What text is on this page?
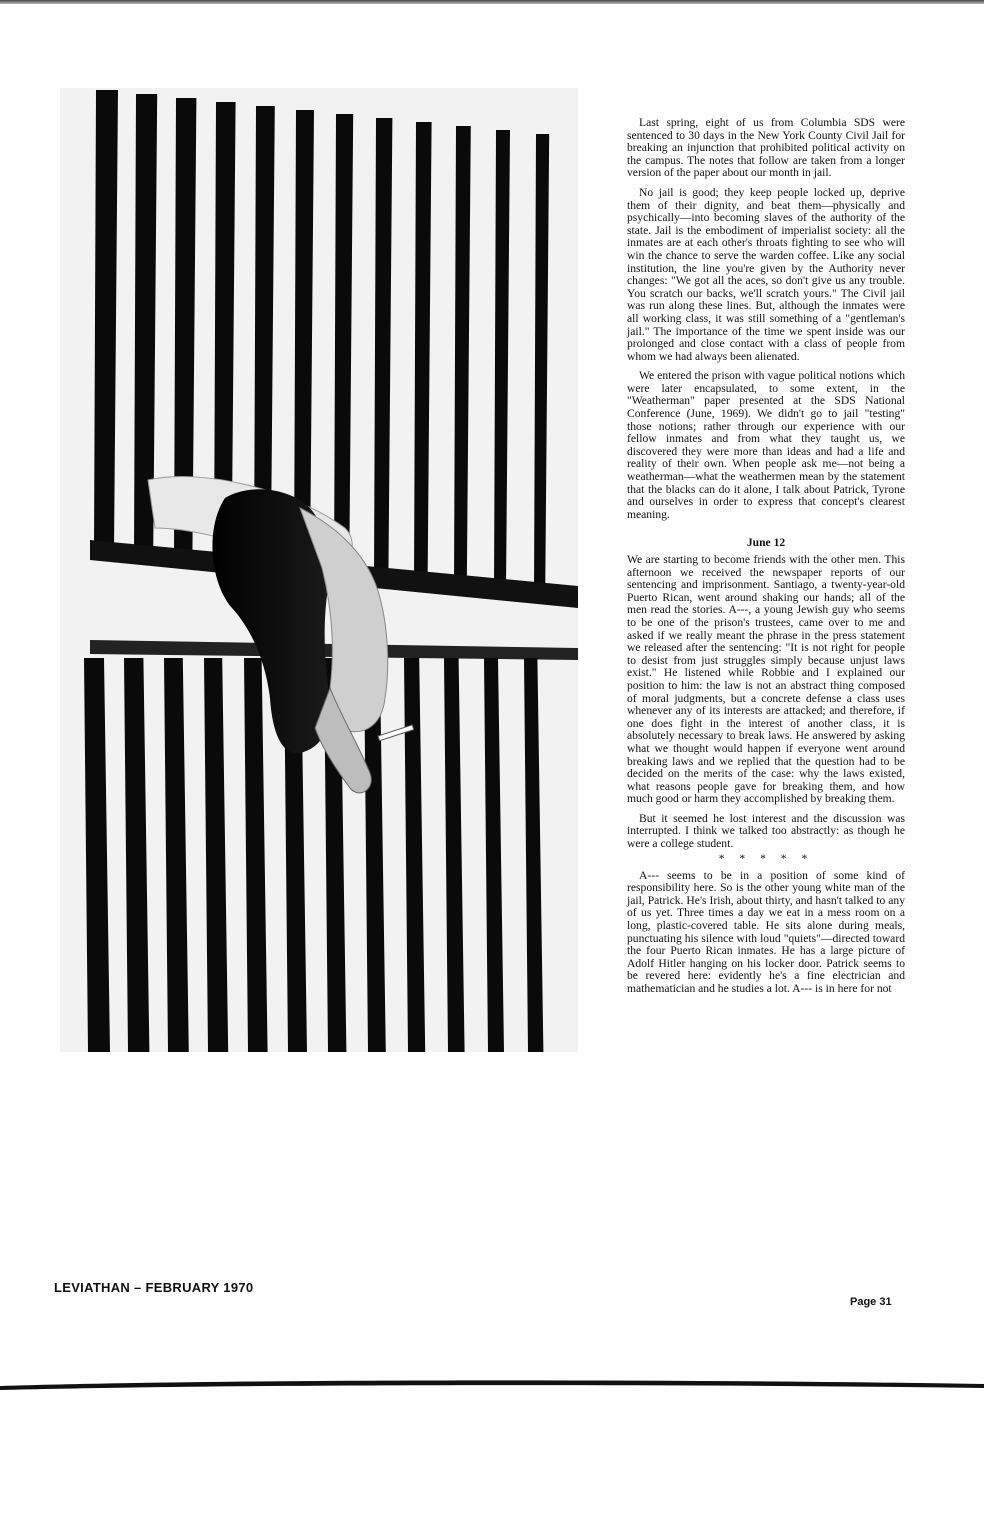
Last spring, eight of us from Columbia SDS were sentenced to 30 days in the New York County Civil Jail for breaking an injunction that prohibited political activity on the campus. The notes that follow are taken from a longer version of the paper about our month in jail.

No jail is good; they keep people locked up, deprive them of their dignity, and beat them—physically and psychically—into becoming slaves of the authority of the state. Jail is the embodiment of imperialist society: all the inmates are at each other's throats fighting to see who will win the chance to serve the warden coffee. Like any social institution, the line you're given by the Authority never changes: "We got all the aces, so don't give us any trouble. You scratch our backs, we'll scratch yours." The Civil jail was run along these lines. But, although the inmates were all working class, it was still something of a "gentleman's jail." The importance of the time we spent inside was our prolonged and close contact with a class of people from whom we had always been alienated.

We entered the prison with vague political notions which were later encapsulated, to some extent, in the "Weatherman" paper presented at the SDS National Conference (June, 1969). We didn't go to jail "testing" those notions; rather through our experience with our fellow inmates and from what they taught us, we discovered they were more than ideas and had a life and reality of their own. When people ask me—not being a weatherman—what the weathermen mean by the statement that the blacks can do it alone, I talk about Patrick, Tyrone and ourselves in order to express that concept's clearest meaning.

June 12

We are starting to become friends with the other men. This afternoon we received the newspaper reports of our sentencing and imprisonment. Santiago, a twenty-year-old Puerto Rican, went around shaking our hands; all of the men read the stories. A---, a young Jewish guy who seems to be one of the prison's trustees, came over to me and asked if we really meant the phrase in the press statement we released after the sentencing: "It is not right for people to desist from just struggles simply because unjust laws exist." He listened while Robbie and I explained our position to him: the law is not an abstract thing composed of moral judgments, but a concrete defense a class uses whenever any of its interests are attacked; and therefore, if one does fight in the interest of another class, it is absolutely necessary to break laws. He answered by asking what we thought would happen if everyone went around breaking laws and we replied that the question had to be decided on the merits of the case: why the laws existed, what reasons people gave for breaking them, and how much good or harm they accomplished by breaking them.

But it seemed he lost interest and the discussion was interrupted. I think we talked too abstractly: as though he were a college student.

* * * * *

A--- seems to be in a position of some kind of responsibility here. So is the other young white man of the jail, Patrick. He's Irish, about thirty, and hasn't talked to any of us yet. Three times a day we eat in a mess room on a long, plastic-covered table. He sits alone during meals, punctuating his silence with loud "quiets"—directed toward the four Puerto Rican inmates. He has a large picture of Adolf Hitler hanging on his locker door. Patrick seems to be revered here: evidently he's a fine electrician and mathematician and he studies a lot. A--- is in here for not

LEVIATHAN – FEBRUARY 1970
Page 31
